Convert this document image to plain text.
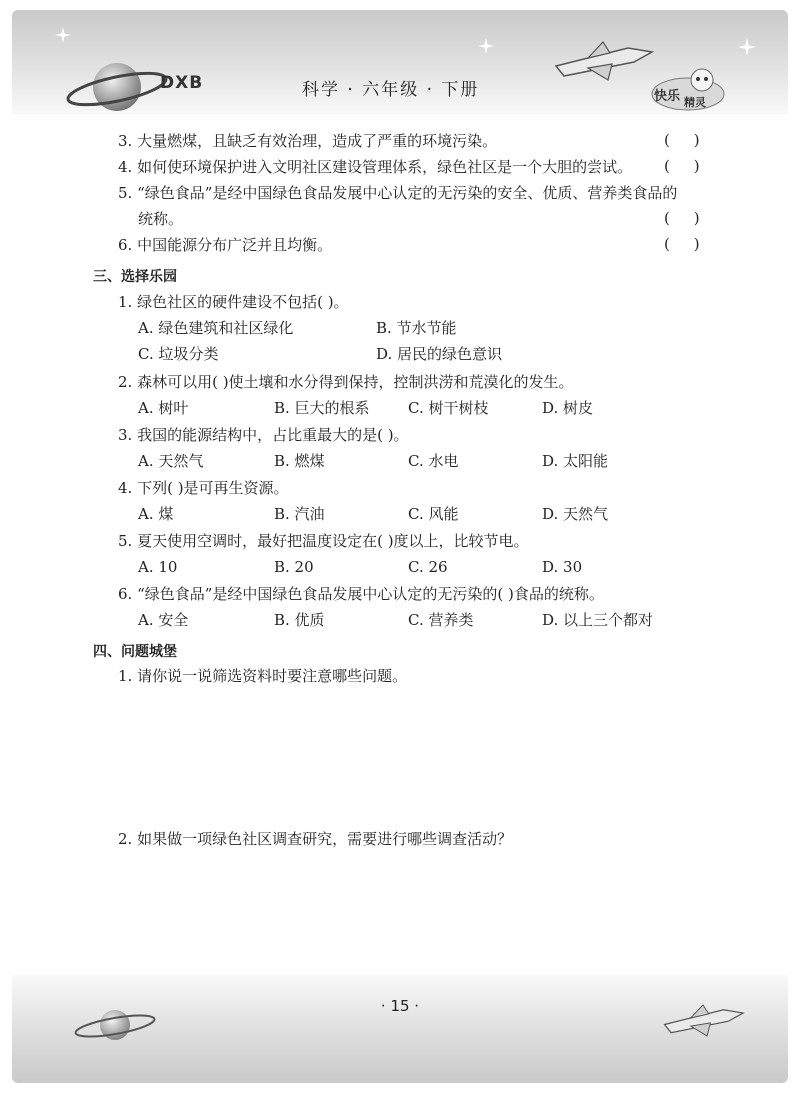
DXB	科学 · 六年级 · 下册	快乐 精灵
3. 大量燃煤，且缺乏有效治理，造成了严重的环境污染。	(     )
4. 如何使环境保护进入文明社区建设管理体系，绿色社区是一个大胆的尝试。 (     )
5. “绿色食品”是经中国绿色食品发展中心认定的无污染的安全、优质、营养类食品的
统称。	(     )
6. 中国能源分布广泛并且均衡。	(     )
三、选择乐园
1. 绿色社区的硬件建设不包括( )。
A. 绿色建筑和社区绿化	B. 节水节能
C. 垃圾分类	D. 居民的绿色意识
2. 森林可以用( )使土壤和水分得到保持，控制洪涝和荒漠化的发生。
A. 树叶	B. 巨大的根系	C. 树干树枝	D. 树皮
3. 我国的能源结构中，占比重最大的是( )。
A. 天然气	B. 燃煤	C. 水电	D. 太阳能
4. 下列( )是可再生资源。
A. 煤	B. 汽油	C. 风能	D. 天然气
5. 夏天使用空调时，最好把温度设定在( )度以上，比较节电。
A. 10	B. 20	C. 26	D. 30
6. “绿色食品”是经中国绿色食品发展中心认定的无污染的( )食品的统称。
A. 安全	B. 优质	C. 营养类	D. 以上三个都对
四、问题城堡
1. 请你说一说筛选资料时要注意哪些问题。
2. 如果做一项绿色社区调查研究，需要进行哪些调查活动？
· 15 ·
